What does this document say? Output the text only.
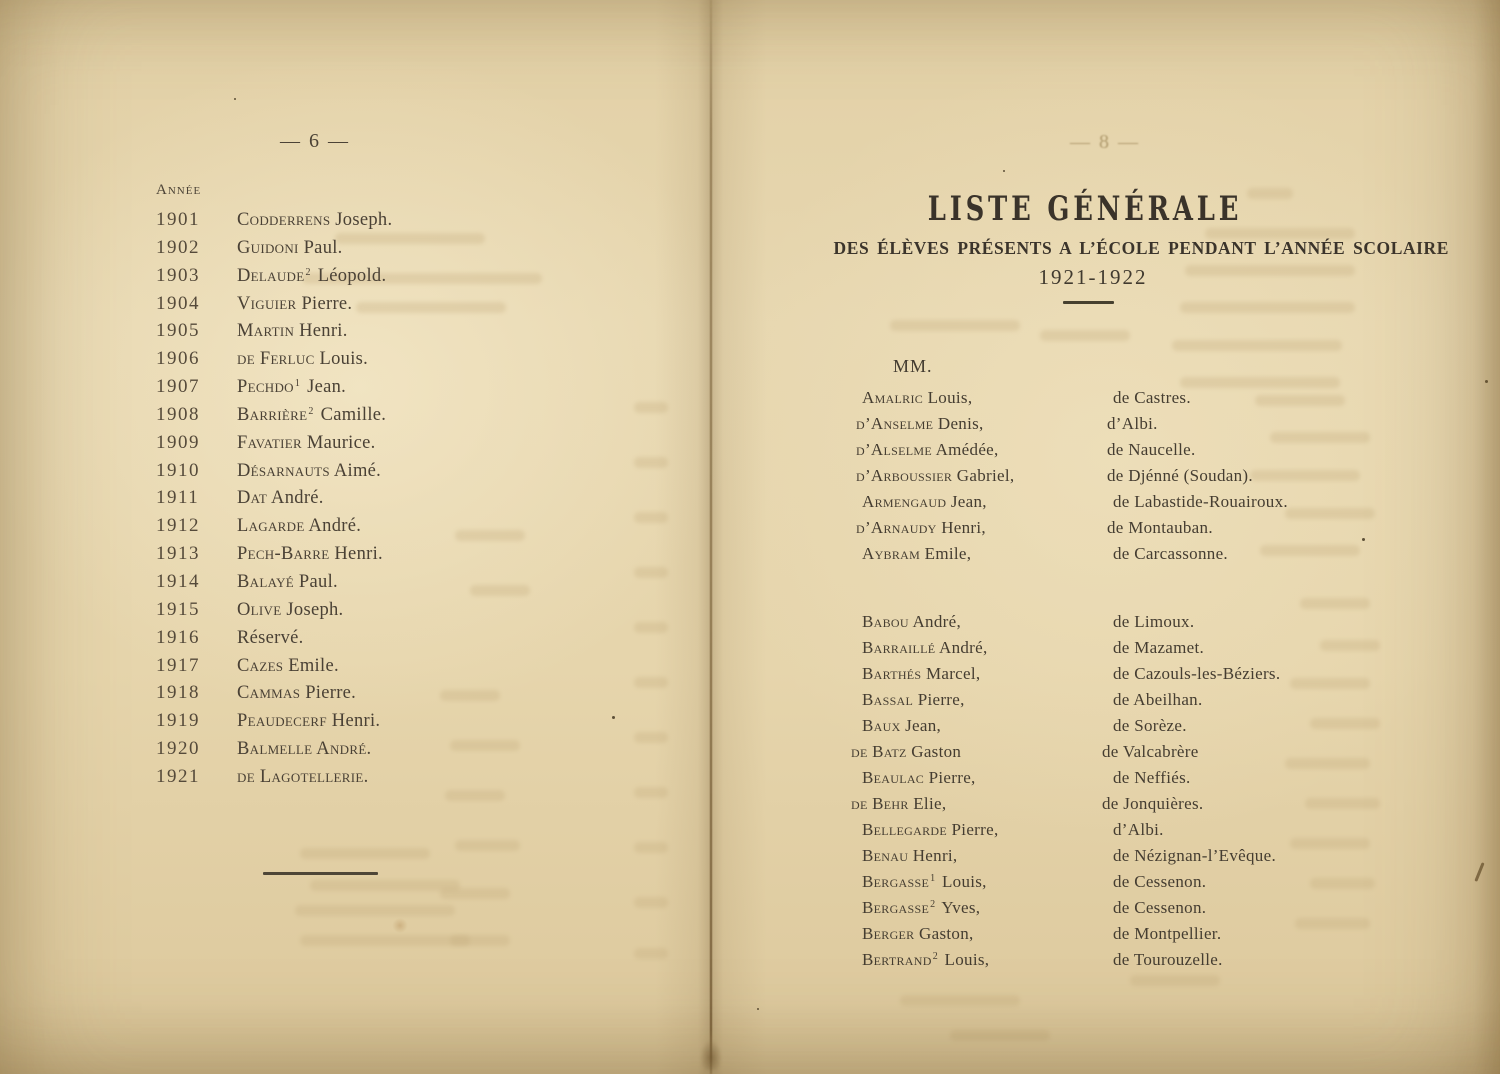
— 6 —
Année
1901	Codderrens Joseph.
1902	Guidoni Paul.
1903	Delaude$^2$ Léopold.
1904	Viguier Pierre.
1905	Martin Henri.
1906	de Ferluc Louis.
1907	Pechdo$^1$ Jean.
1908	Barrière$^2$ Camille.
1909	Favatier Maurice.
1910	Désarnauts Aimé.
1911	Dat André.
1912	Lagarde André.
1913	Pech-Barre Henri.
1914	Balayé Paul.
1915	Olive Joseph.
1916	Réservé.
1917	Cazes Emile.
1918	Cammas Pierre.
1919	Peaudecerf Henri.
1920	Balmelle André.
1921	de Lagotellerie.
— 8 —
LISTE GÉNÉRALE
DES ÉLÈVES PRÉSENTS A L’ÉCOLE PENDANT L’ANNÉE SCOLAIRE
1921-1922
MM.
Amalric Louis,	de Castres.
d’Anselme Denis,	d’Albi.
d’Alselme Amédée,	de Naucelle.
d’Arboussier Gabriel,	de Djénné (Soudan).
Armengaud Jean,	de Labastide-Rouairoux.
d’Arnaudy Henri,	de Montauban.
Aybram Emile,	de Carcassonne.
Babou André,	de Limoux.
Barraillé André,	de Mazamet.
Barthés Marcel,	de Cazouls-les-Béziers.
Bassal Pierre,	de Abeilhan.
Baux Jean,	de Sorèze.
de Batz Gaston	de Valcabrère
Beaulac Pierre,	de Neffiés.
de Behr Elie,	de Jonquières.
Bellegarde Pierre,	d’Albi.
Benau Henri,	de Nézignan-l’Evêque.
Bergasse$^1$ Louis,	de Cessenon.
Bergasse$^2$ Yves,	de Cessenon.
Berger Gaston,	de Montpellier.
Bertrand$^2$ Louis,	de Tourouzelle.
